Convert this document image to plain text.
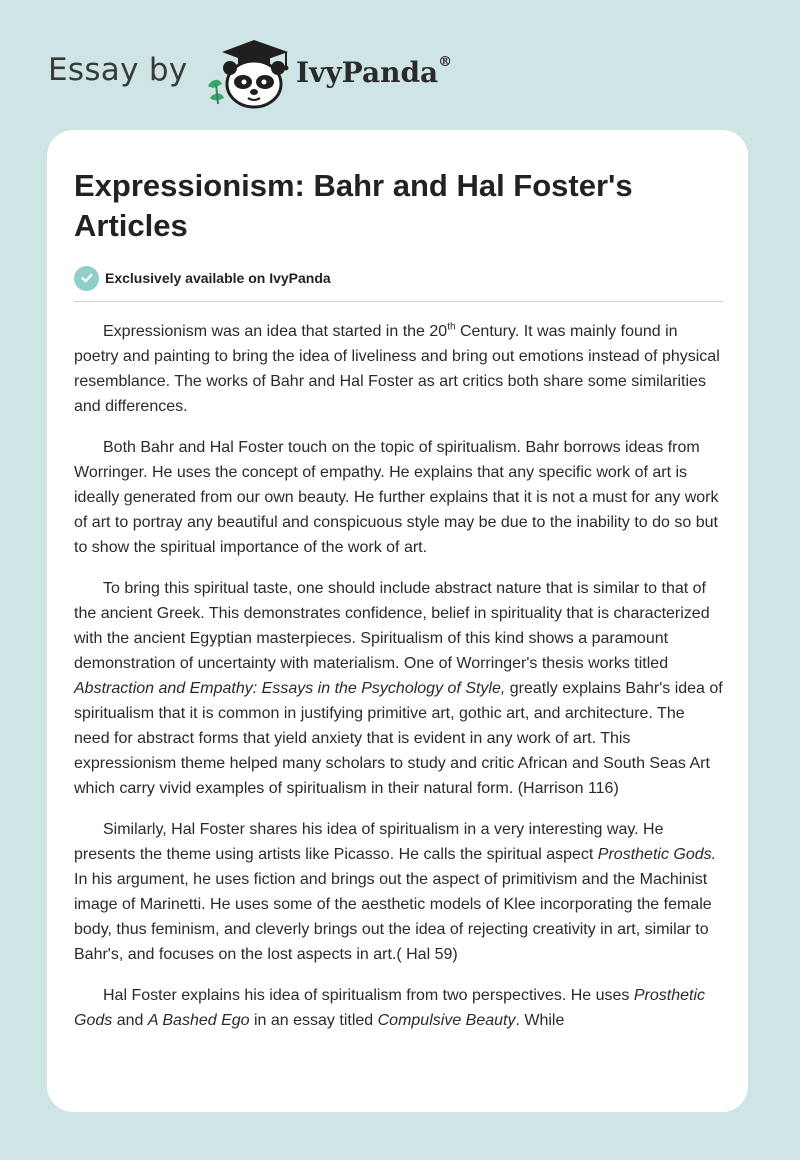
Essay by	IvyPanda®
Expressionism: Bahr and Hal Foster's Articles
Exclusively available on IvyPanda

Expressionism was an idea that started in the 20th Century. It was mainly found in poetry and painting to bring the idea of liveliness and bring out emotions instead of physical resemblance. The works of Bahr and Hal Foster as art critics both share some similarities and differences.

Both Bahr and Hal Foster touch on the topic of spiritualism. Bahr borrows ideas from Worringer. He uses the concept of empathy. He explains that any specific work of art is ideally generated from our own beauty. He further explains that it is not a must for any work of art to portray any beautiful and conspicuous style may be due to the inability to do so but to show the spiritual importance of the work of art.

To bring this spiritual taste, one should include abstract nature that is similar to that of the ancient Greek. This demonstrates confidence, belief in spirituality that is characterized with the ancient Egyptian masterpieces. Spiritualism of this kind shows a paramount demonstration of uncertainty with materialism. One of Worringer's thesis works titled Abstraction and Empathy: Essays in the Psychology of Style, greatly explains Bahr's idea of spiritualism that it is common in justifying primitive art, gothic art, and architecture. The need for abstract forms that yield anxiety that is evident in any work of art. This expressionism theme helped many scholars to study and critic African and South Seas Art which carry vivid examples of spiritualism in their natural form. (Harrison 116)

Similarly, Hal Foster shares his idea of spiritualism in a very interesting way. He presents the theme using artists like Picasso. He calls the spiritual aspect Prosthetic Gods. In his argument, he uses fiction and brings out the aspect of primitivism and the Machinist image of Marinetti. He uses some of the aesthetic models of Klee incorporating the female body, thus feminism, and cleverly brings out the idea of rejecting creativity in art, similar to Bahr's, and focuses on the lost aspects in art.( Hal 59)

Hal Foster explains his idea of spiritualism from two perspectives. He uses Prosthetic Gods and A Bashed Ego in an essay titled Compulsive Beauty. While
